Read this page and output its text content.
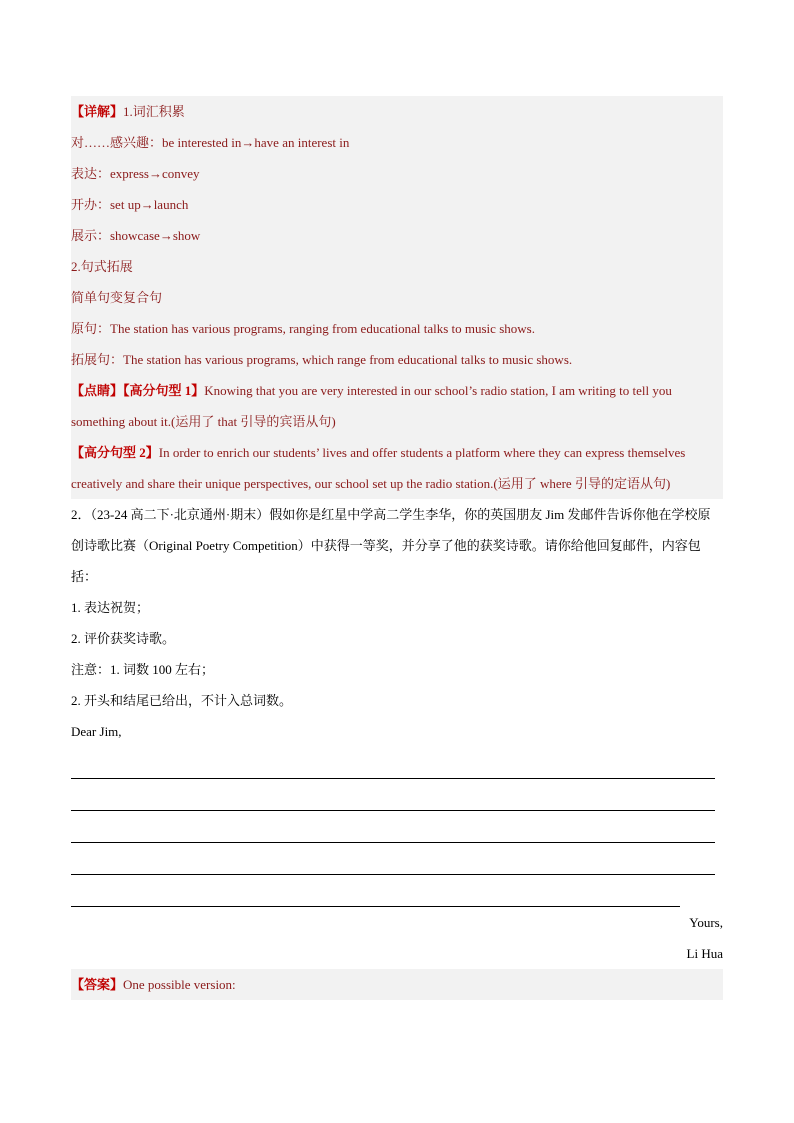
【详解】1.词汇积累
对……感兴趣：be interested in→have an interest in
表达：express→convey
开办：set up→launch
展示：showcase→show
2.句式拓展
简单句变复合句
原句：The station has various programs, ranging from educational talks to music shows.
拓展句：The station has various programs, which range from educational talks to music shows.
【点睛】【高分句型 1】Knowing that you are very interested in our school’s radio station, I am writing to tell you something about it.(运用了 that 引导的宾语从句)
【高分句型 2】In order to enrich our students’ lives and offer students a platform where they can express themselves creatively and share their unique perspectives, our school set up the radio station.(运用了 where 引导的定语从句)
2．（23-24 高二下·北京通州·期末）假如你是红星中学高二学生李华，你的英国朋友 Jim 发邮件告诉你他在学校原创诗歌比赛（Original Poetry Competition）中获得一等奖，并分享了他的获奖诗歌。请你给他回复邮件，内容包括：
1. 表达祝贺；
2. 评价获奖诗歌。
注意：1. 词数 100 左右；
2. 开头和结尾已给出，不计入总词数。
Dear Jim,
Yours,
Li Hua
【答案】One possible version:
